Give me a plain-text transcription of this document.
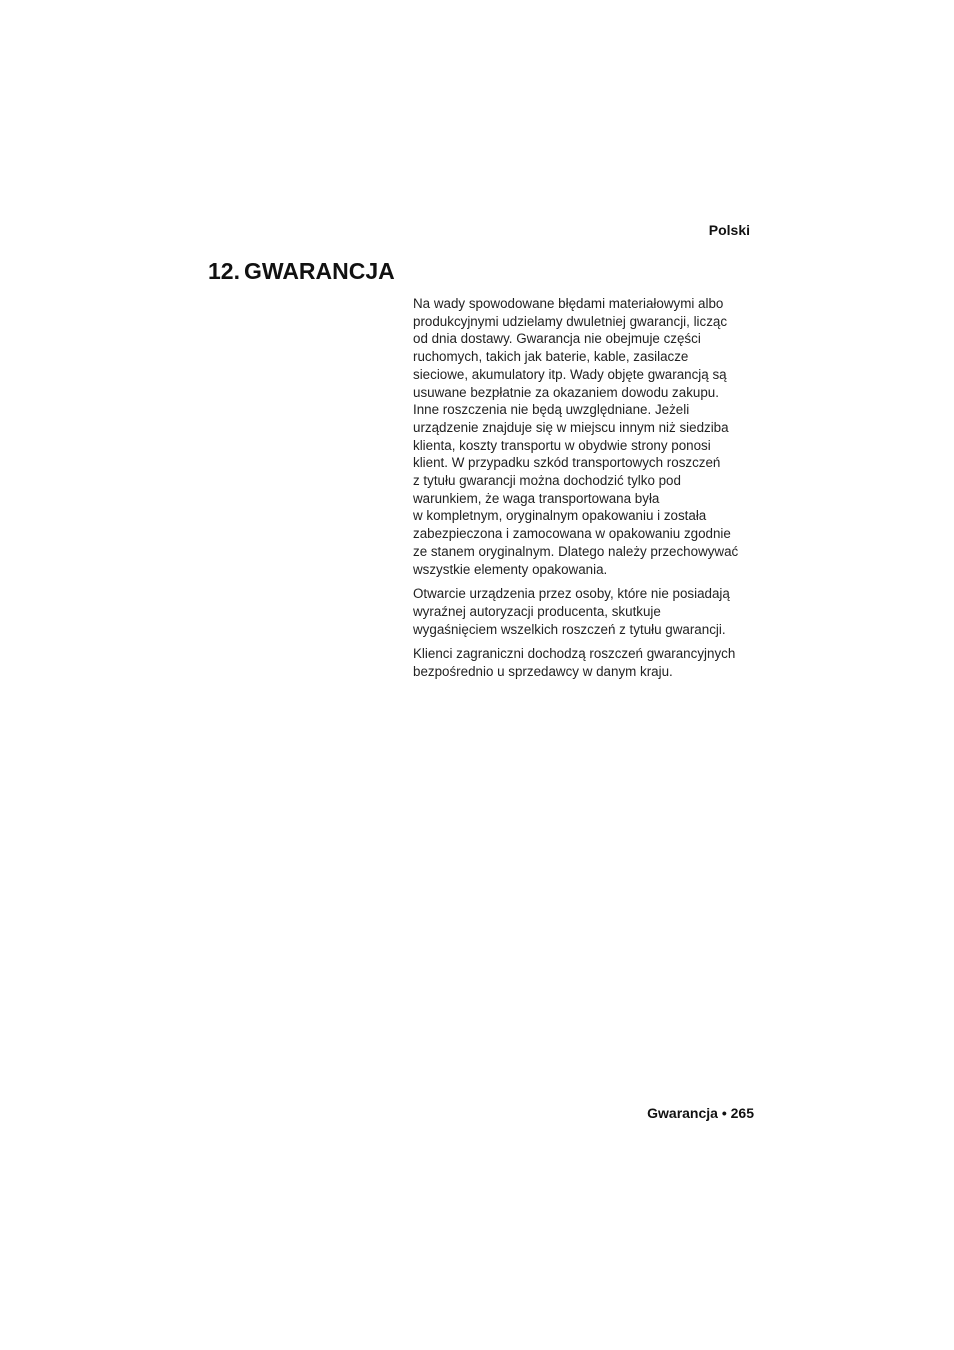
Polski
12. GWARANCJA

Na wady spowodowane błędami materiałowymi albo
produkcyjnymi udzielamy dwuletniej gwarancji, licząc
od dnia dostawy. Gwarancja nie obejmuje części
ruchomych, takich jak baterie, kable, zasilacze
sieciowe, akumulatory itp. Wady objęte gwarancją są
usuwane bezpłatnie za okazaniem dowodu zakupu.
Inne roszczenia nie będą uwzględniane. Jeżeli
urządzenie znajduje się w miejscu innym niż siedziba
klienta, koszty transportu w obydwie strony ponosi
klient. W przypadku szkód transportowych roszczeń
z tytułu gwarancji można dochodzić tylko pod
warunkiem, że waga transportowana była
w kompletnym, oryginalnym opakowaniu i została
zabezpieczona i zamocowana w opakowaniu zgodnie
ze stanem oryginalnym. Dlatego należy przechowywać
wszystkie elementy opakowania.

Otwarcie urządzenia przez osoby, które nie posiadają
wyraźnej autoryzacji producenta, skutkuje
wygaśnięciem wszelkich roszczeń z tytułu gwarancji.

Klienci zagraniczni dochodzą roszczeń gwarancyjnych
bezpośrednio u sprzedawcy w danym kraju.

Gwarancja • 265
